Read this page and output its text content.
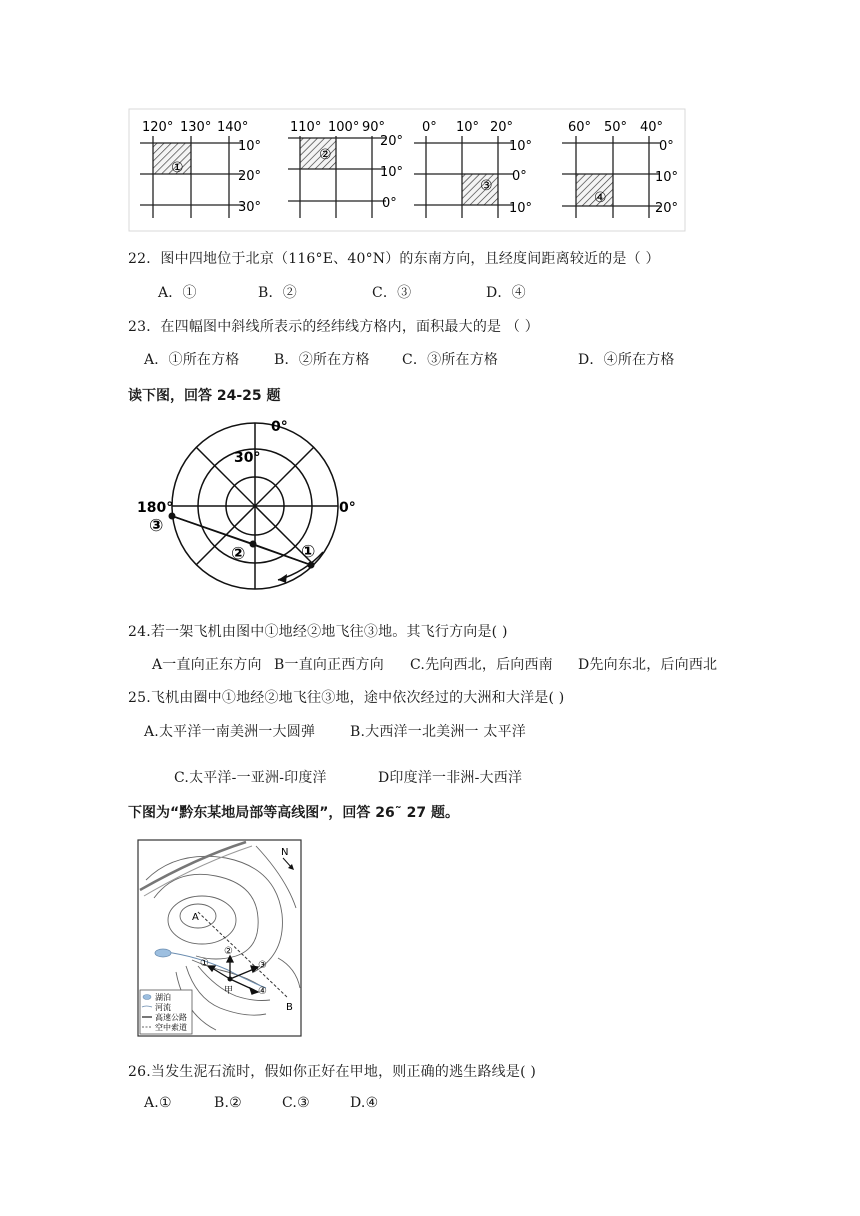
120° 130° 140°
①
10°
20°
30°
110° 100° 90°
②
20°
10°
0°
0° 10° 20°
③
10°
0°
10°
60° 50° 40°
④
0°
10°
20°
22．图中四地位于北京（116°E、40°N）的东南方向，且经度间距离较近的是（ ）
A．①	B．②	C．③	D．④
23．在四幅图中斜线所表示的经纬线方格内，面积最大的是 （ ）
A．①所在方格 B．②所在方格 C．③所在方格	D．④所在方格
读下图，回答 24-25 题
0°
30°
180°	0°
③
②	①
24.若一架飞机由图中①地经②地飞往③地。其飞行方向是( )
A一直向正东方向 B一直向正西方向 C.先向西北，后向西南 D先向东北，后向西北
25.飞机由圈中①地经②地飞往③地，途中依次经过的大洲和大洋是( )
A.太平洋一南美洲一大圆弹 B.大西洋一北美洲一 太平洋
C.太平洋-一亚洲-印度洋	D印度洋一非洲-大西洋
下图为“黔东某地局部等高线图”，回答 26˜ 27 题。
N
A
B
甲
①
②
③
④
湖泊
河流
高速公路
空中索道
26.当发生泥石流时，假如你正好在甲地，则正确的逃生路线是( )
A.①	B.②	C.③	D.④
